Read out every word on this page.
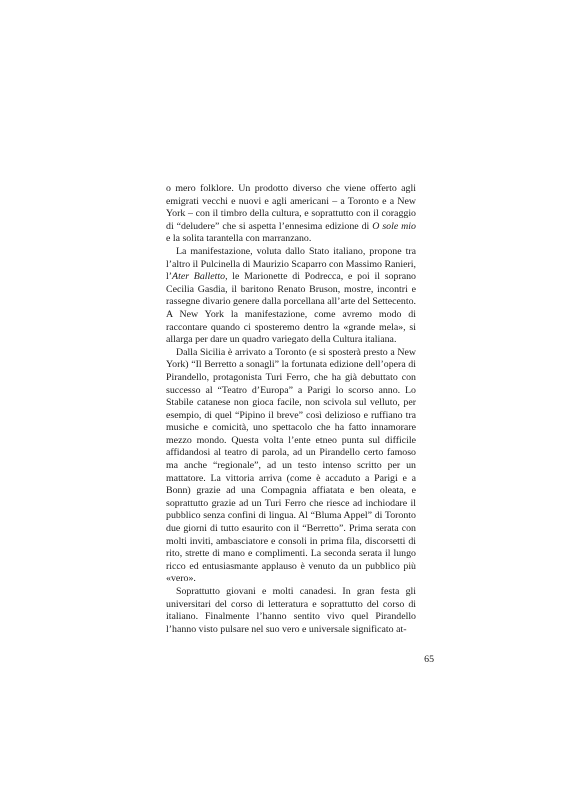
o mero folklore. Un prodotto diverso che viene offerto agli emigrati vecchi e nuovi e agli americani – a Toronto e a New York – con il timbro della cultura, e soprattutto con il coraggio di “deludere” che si aspetta l’ennesima edizione di O sole mio e la solita tarantella con marranzano.

La manifestazione, voluta dallo Stato italiano, propone tra l’altro il Pulcinella di Maurizio Scaparro con Massimo Ranieri, l’Ater Balletto, le Marionette di Podrecca, e poi il soprano Cecilia Gasdia, il baritono Renato Bruson, mostre, incontri e rassegne divario genere dalla porcellana all’arte del Settecento. A New York la manifestazione, come avremo modo di raccontare quando ci sposteremo dentro la «grande mela», si allarga per dare un quadro variegato della Cultura italiana.

Dalla Sicilia è arrivato a Toronto (e si sposterà presto a New York) “Il Berretto a sonagli” la fortunata edizione dell’opera di Pirandello, protagonista Turi Ferro, che ha già debuttato con successo al “Teatro d’Europa” a Parigi lo scorso anno. Lo Stabile catanese non gioca facile, non scivola sul velluto, per esempio, di quel “Pipino il breve” così delizioso e ruffiano tra musiche e comicità, uno spettacolo che ha fatto innamorare mezzo mondo. Questa volta l’ente etneo punta sul difficile affidandosi al teatro di parola, ad un Pirandello certo famoso ma anche “regionale”, ad un testo intenso scritto per un mattatore. La vittoria arriva (come è accaduto a Parigi e a Bonn) grazie ad una Compagnia affiatata e ben oleata, e soprattutto grazie ad un Turi Ferro che riesce ad inchiodare il pubblico senza confini di lingua. Al “Bluma Appel” di Toronto due giorni di tutto esaurito con il “Berretto”. Prima serata con molti inviti, ambasciatore e consoli in prima fila, discorsetti di rito, strette di mano e complimenti. La seconda serata il lungo ricco ed entusiasmante applauso è venuto da un pubblico più «vero».

Soprattutto giovani e molti canadesi. In gran festa gli universitari del corso di letteratura e soprattutto del corso di italiano. Finalmente l’hanno sentito vivo quel Pirandello l’hanno visto pulsare nel suo vero e universale significato at-

65
